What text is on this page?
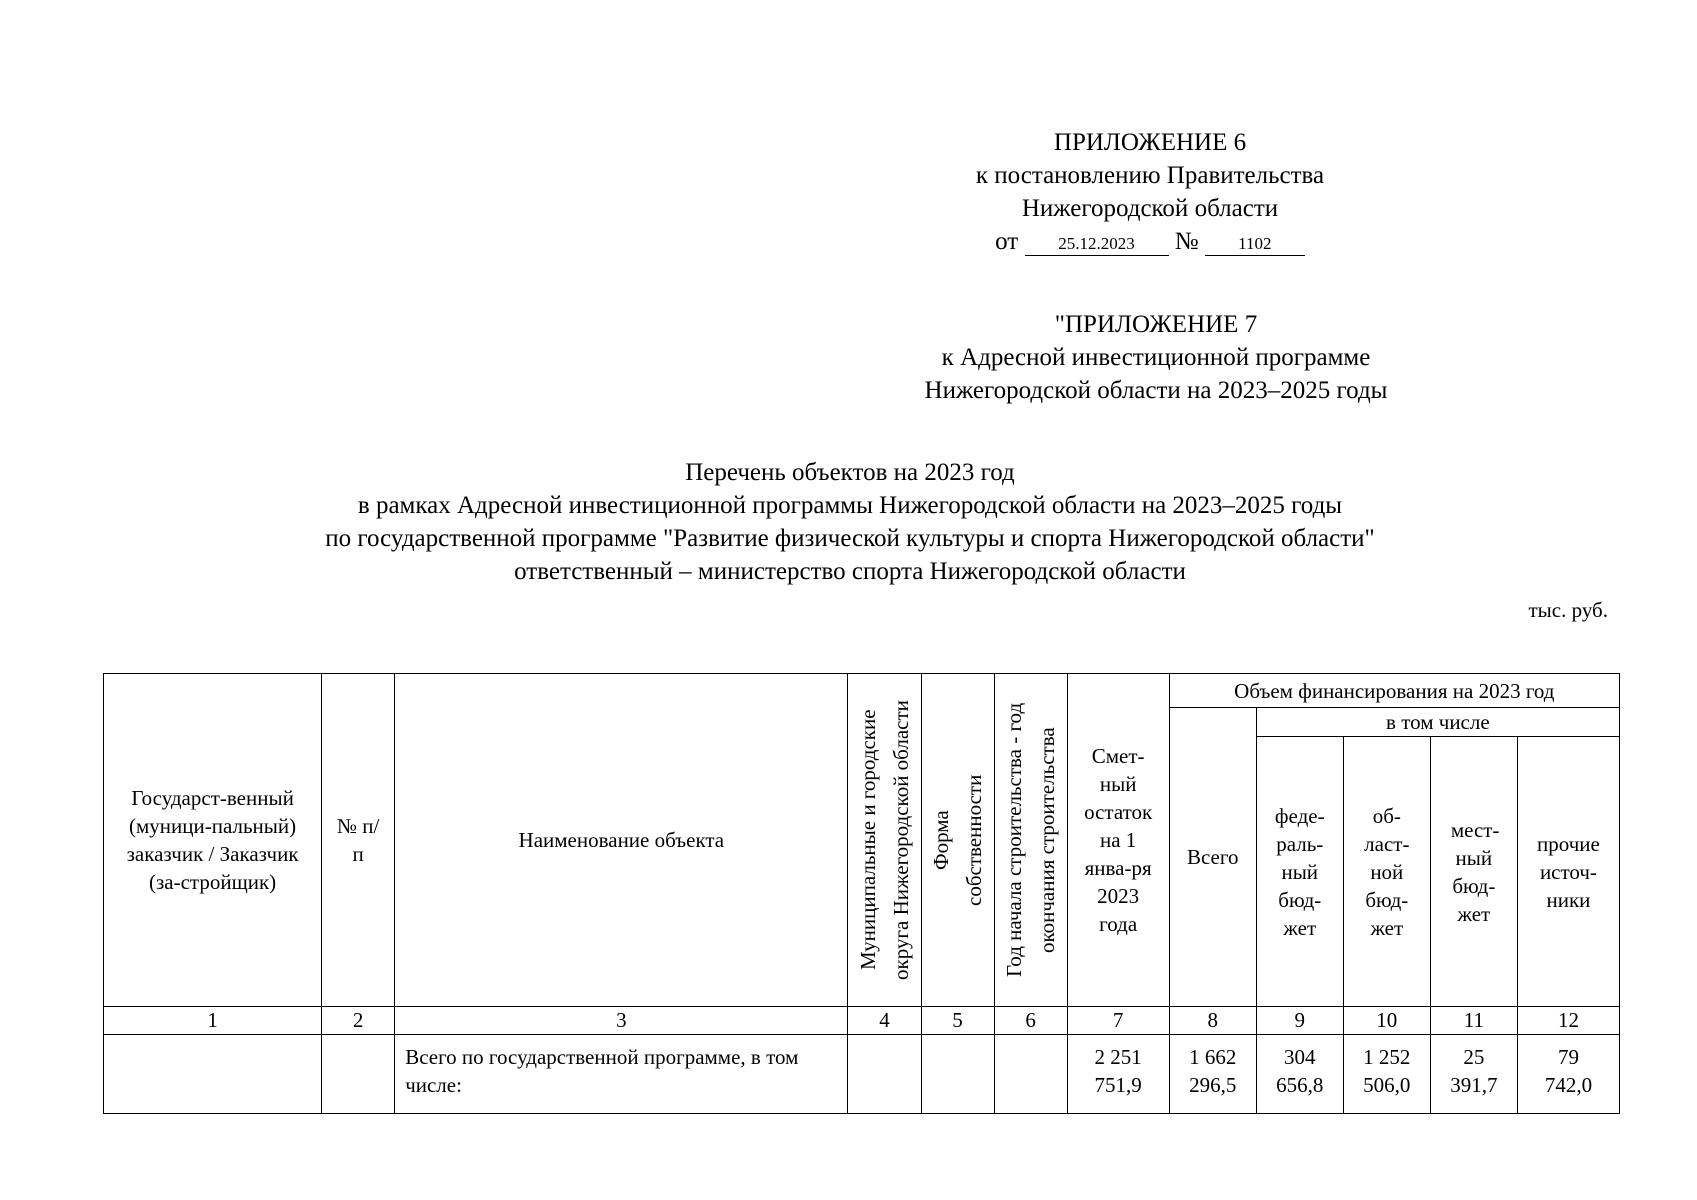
ПРИЛОЖЕНИЕ 6
к постановлению Правительства
Нижегородской области
от 25.12.2023 № 1102
"ПРИЛОЖЕНИЕ 7
к Адресной инвестиционной программе
Нижегородской области на 2023–2025 годы
Перечень объектов на 2023 год
в рамках Адресной инвестиционной программы Нижегородской области на 2023–2025 годы
по государственной программе "Развитие физической культуры и спорта Нижегородской области"
ответственный – министерство спорта Нижегородской области
тыс. руб.
Государст-венный (муници-пальный) заказчик / Заказчик (за-стройщик)	№ п/п	Наименование объекта	Муниципальные и городские округа Нижегородской области	Форма собственности	Год начала строительства - год окончания строительства	Смет-ный остаток на 1 янва-ря 2023 года	Объем финансирования на 2023 год				

							Всего	в том числе			

								феде-раль-ный бюд-жет	об-ласт-ной бюд-жет	мест-ный бюд-жет	прочие источ-ники

1	2	3	4	5	6	7	8	9	10	11	12
		Всего по государственной программе, в том числе:				2 251 751,9	1 662 296,5	304 656,8	1 252 506,0	25 391,7	79 742,0
